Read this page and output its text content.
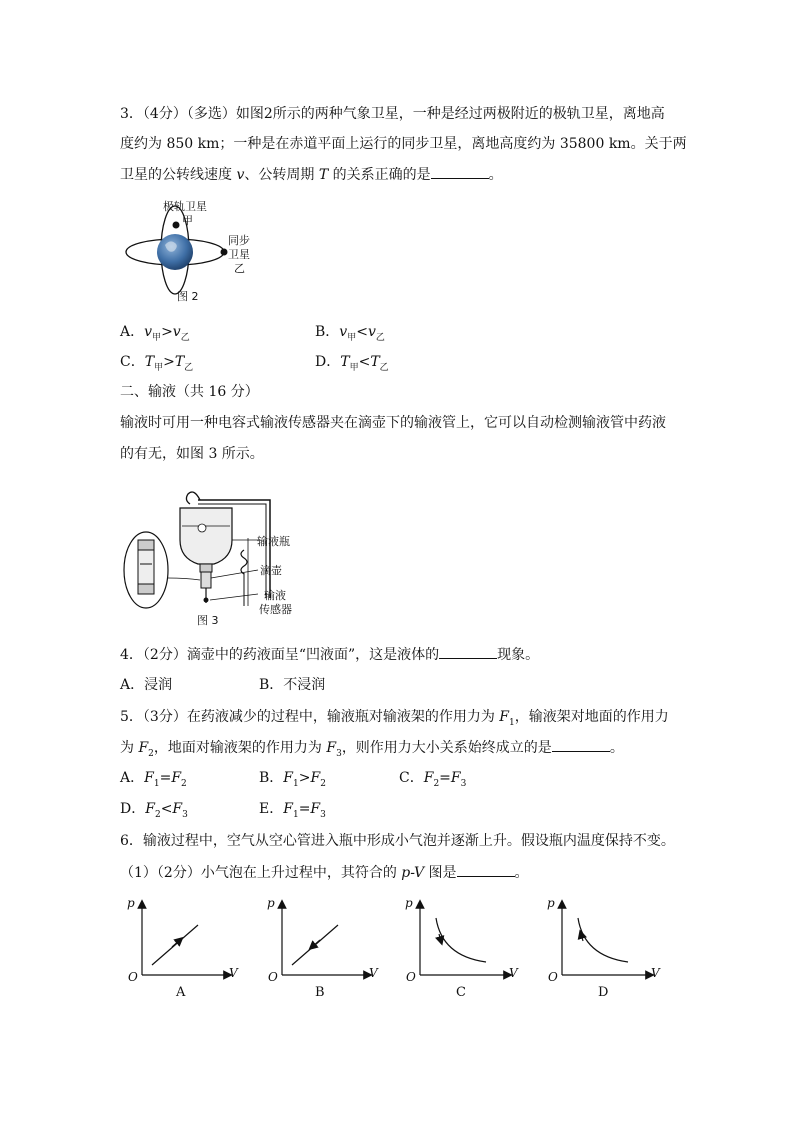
3．（4分）（多选）如图2所示的两种气象卫星，一种是经过两极附近的极轨卫星，离地高
度约为 850 km；一种是在赤道平面上运行的同步卫星，离地高度约为 35800 km。关于两
卫星的公转线速度 v、公转周期 T 的关系正确的是	。
极轨卫星
甲
同步
卫星
乙
图 2
A．$v_甲>v_乙$	B．$v_甲<v_乙$
C．$T_甲>T_乙$	D．$T_甲<T_乙$
二、输液（共 16 分）
输液时可用一种电容式输液传感器夹在滴壶下的输液管上，它可以自动检测输液管中药液
的有无，如图 3 所示。
输液瓶
滴壶
输液
传感器
图 3
4．（2分）滴壶中的药液面呈“凹液面”，这是液体的	现象。
A．浸润	B．不浸润
5．（3分）在药液减少的过程中，输液瓶对输液架的作用力为 $F_1$，输液架对地面的作用力
为 $F_2$，地面对输液架的作用力为 $F_3$，则作用力大小关系始终成立的是	。
A．$F_1=F_2$	B．$F_1>F_2$	C．$F_2=F_3$
D．$F_2<F_3$	E．$F_1=F_3$
6．输液过程中，空气从空心管进入瓶中形成小气泡并逐渐上升。假设瓶内温度保持不变。
（1）（2分）小气泡在上升过程中，其符合的 p-V 图是	。
p
V
O
A
p
V
O
B
p
V
O
C
p
V
O
D
